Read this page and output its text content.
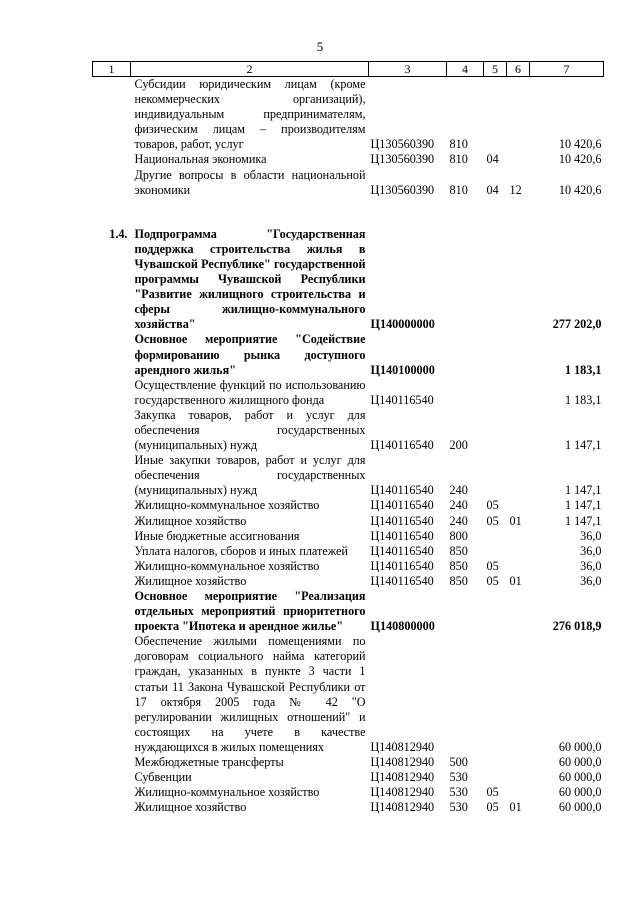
5
1	2	3	4	5	6	7
	Субсидии юридическим лицам (кроме некоммерческих организаций), индивидуальным предпринимателям, физическим лицам – производителям товаров, работ, услуг	Ц130560390	810			10 420,6
	Национальная экономика	Ц130560390	810	04		10 420,6
	Другие вопросы в области национальной экономики	Ц130560390	810	04	12	10 420,6

1.4.	Подпрограмма "Государственная поддержка строительства жилья в Чувашской Республике" государственной программы Чувашской Республики "Развитие жилищного строительства и сферы жилищно-коммунального хозяйства"	Ц140000000				277 202,0
	Основное мероприятие "Содействие формированию рынка доступного арендного жилья"	Ц140100000				1 183,1
	Осуществление функций по использованию государственного жилищного фонда	Ц140116540				1 183,1
	Закупка товаров, работ и услуг для обеспечения государственных (муниципальных) нужд	Ц140116540	200			1 147,1
	Иные закупки товаров, работ и услуг для обеспечения государственных (муниципальных) нужд	Ц140116540	240			1 147,1
	Жилищно-коммунальное хозяйство	Ц140116540	240	05		1 147,1
	Жилищное хозяйство	Ц140116540	240	05	01	1 147,1
	Иные бюджетные ассигнования	Ц140116540	800			36,0
	Уплата налогов, сборов и иных платежей	Ц140116540	850			36,0
	Жилищно-коммунальное хозяйство	Ц140116540	850	05		36,0
	Жилищное хозяйство	Ц140116540	850	05	01	36,0
	Основное мероприятие "Реализация отдельных мероприятий приоритетного проекта "Ипотека и арендное жилье"	Ц140800000				276 018,9
	Обеспечение жилыми помещениями по договорам социального найма категорий граждан, указанных в пункте 3 части 1 статьи 11 Закона Чувашской Республики от 17 октября 2005 года № 42 "О регулировании жилищных отношений" и состоящих на учете в качестве нуждающихся в жилых помещениях	Ц140812940				60 000,0
	Межбюджетные трансферты	Ц140812940	500			60 000,0
	Субвенции	Ц140812940	530			60 000,0
	Жилищно-коммунальное хозяйство	Ц140812940	530	05		60 000,0
	Жилищное хозяйство	Ц140812940	530	05	01	60 000,0
